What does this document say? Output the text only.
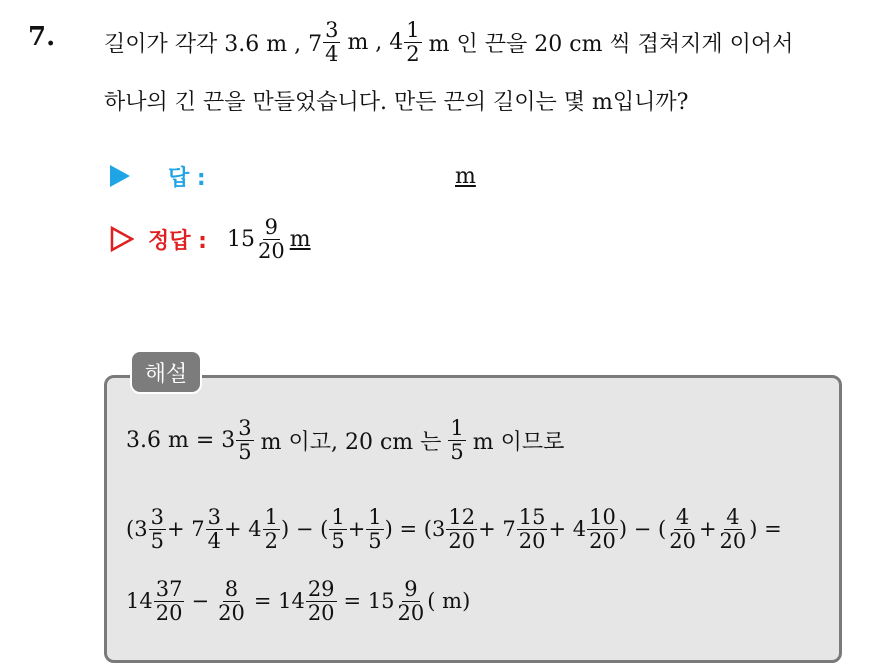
7. 길이가 각각 3.6 m , $7 \frac{3}{4}$ m , $4 \frac{1}{2}$ m 인 끈을 20 cm 씩 겹쳐지게 이어서
하나의 긴 끈을 만들었습니다. 만든 끈의 길이는 몇 m입니까?
답 :	m
정답 : $15 \frac{9}{20}$ m
해설
3.6 $m = 3 \frac{3}{5}$ m 이고, 20 cm 는 $\frac{1}{5}$ m 이므로
($3 \frac{3}{5} + 7 \frac{3}{4} + 4 \frac{1}{2}$ ) − ( $\frac{1}{5} + \frac{1}{5}$ ) = ($3 \frac{12}{20} + 7 \frac{15}{20} + 4 \frac{10}{20}$ ) − ( $\frac{4}{20} + \frac{4}{20}$ ) =
$14 \frac{37}{20} - \frac{8}{20} = 14 \frac{29}{20} = 15 \frac{9}{20}$ ( m)
